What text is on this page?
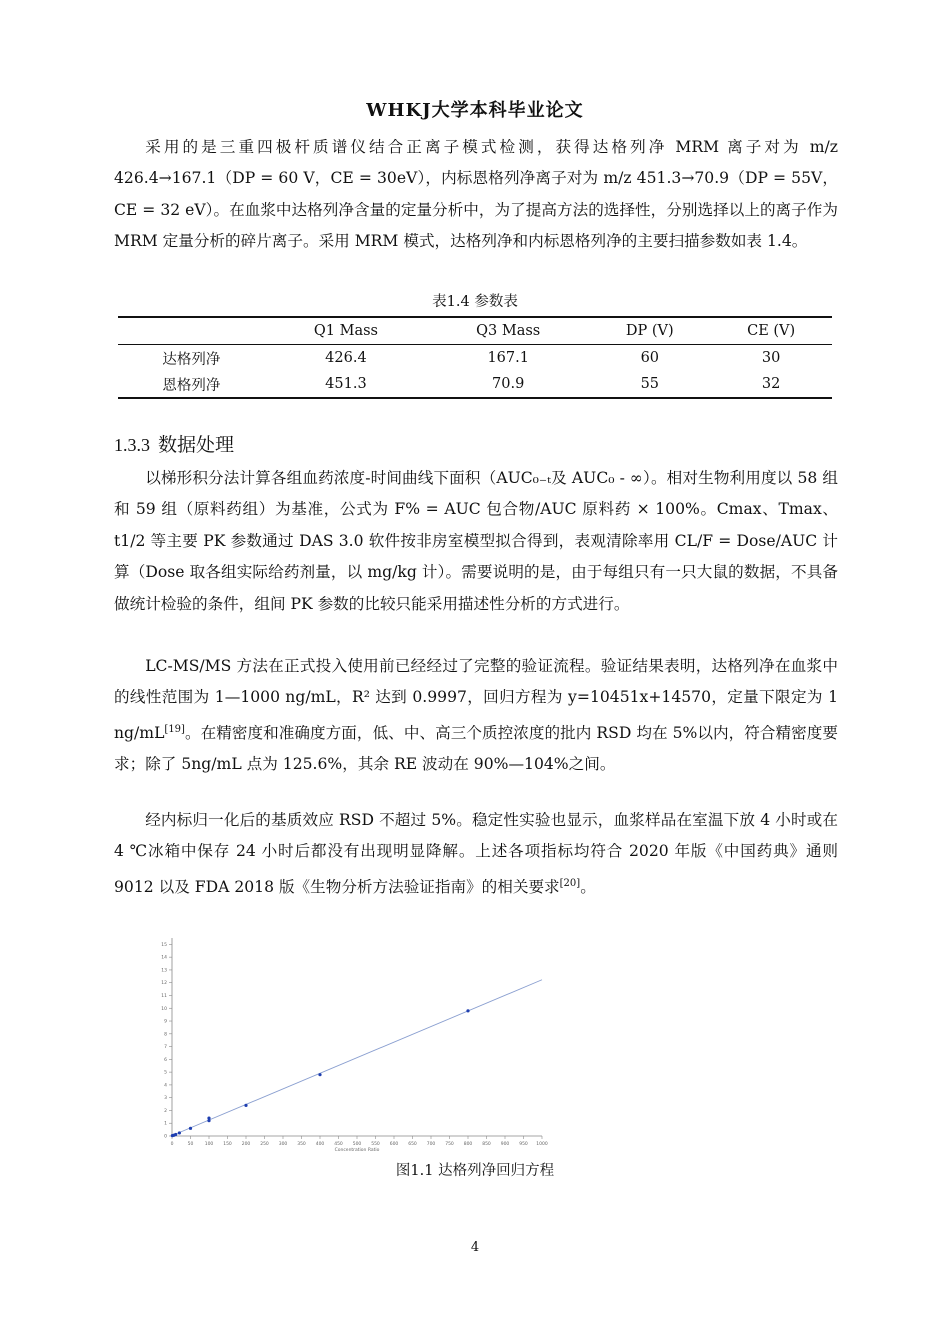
WHKJ大学本科毕业论文
采用的是三重四极杆质谱仪结合正离子模式检测，获得达格列净 MRM 离子对为 m/z 426.4→167.1（DP = 60 V，CE = 30eV），内标恩格列净离子对为 m/z 451.3→70.9（DP = 55V，CE = 32 eV）。在血浆中达格列净含量的定量分析中，为了提高方法的选择性，分别选择以上的离子作为 MRM 定量分析的碎片离子。采用 MRM 模式，达格列净和内标恩格列净的主要扫描参数如表 1.4。
表1.4 参数表
	Q1 Mass	Q3 Mass	DP (V)	CE (V)
达格列净	426.4	167.1	60	30
恩格列净	451.3	70.9	55	32
1.3.3 数据处理
以梯形积分法计算各组血药浓度-时间曲线下面积（AUC₀₋ₜ及 AUC₀ - ∞）。相对生物利用度以 58 组和 59 组（原料药组）为基准，公式为 F% = AUC 包合物/AUC 原料药 × 100%。Cmax、Tmax、t1/2 等主要 PK 参数通过 DAS 3.0 软件按非房室模型拟合得到，表观清除率用 CL/F = Dose/AUC 计算（Dose 取各组实际给药剂量，以 mg/kg 计）。需要说明的是，由于每组只有一只大鼠的数据，不具备做统计检验的条件，组间 PK 参数的比较只能采用描述性分析的方式进行。
LC-MS/MS 方法在正式投入使用前已经经过了完整的验证流程。验证结果表明，达格列净在血浆中的线性范围为 1—1000 ng/mL，R² 达到 0.9997，回归方程为 y=10451x+14570，定量下限定为 1 ng/mL[19]。在精密度和准确度方面，低、中、高三个质控浓度的批内 RSD 均在 5%以内，符合精密度要求；除了 5ng/mL 点为 125.6%，其余 RE 波动在 90%—104%之间。
经内标归一化后的基质效应 RSD 不超过 5%。稳定性实验也显示，血浆样品在室温下放 4 小时或在 4 ℃冰箱中保存 24 小时后都没有出现明显降解。上述各项指标均符合 2020 年版《中国药典》通则 9012 以及 FDA 2018 版《生物分析方法验证指南》的相关要求[20]。
0	50	100 150 200 250 300 350 400 450 500 550 600 650 700 750 800 850 900 950 1000
0
1
2
3
4
5
6
7
8
9
10
11
12
13
14
15
Concentration Ratio
图1.1 达格列净回归方程
4
